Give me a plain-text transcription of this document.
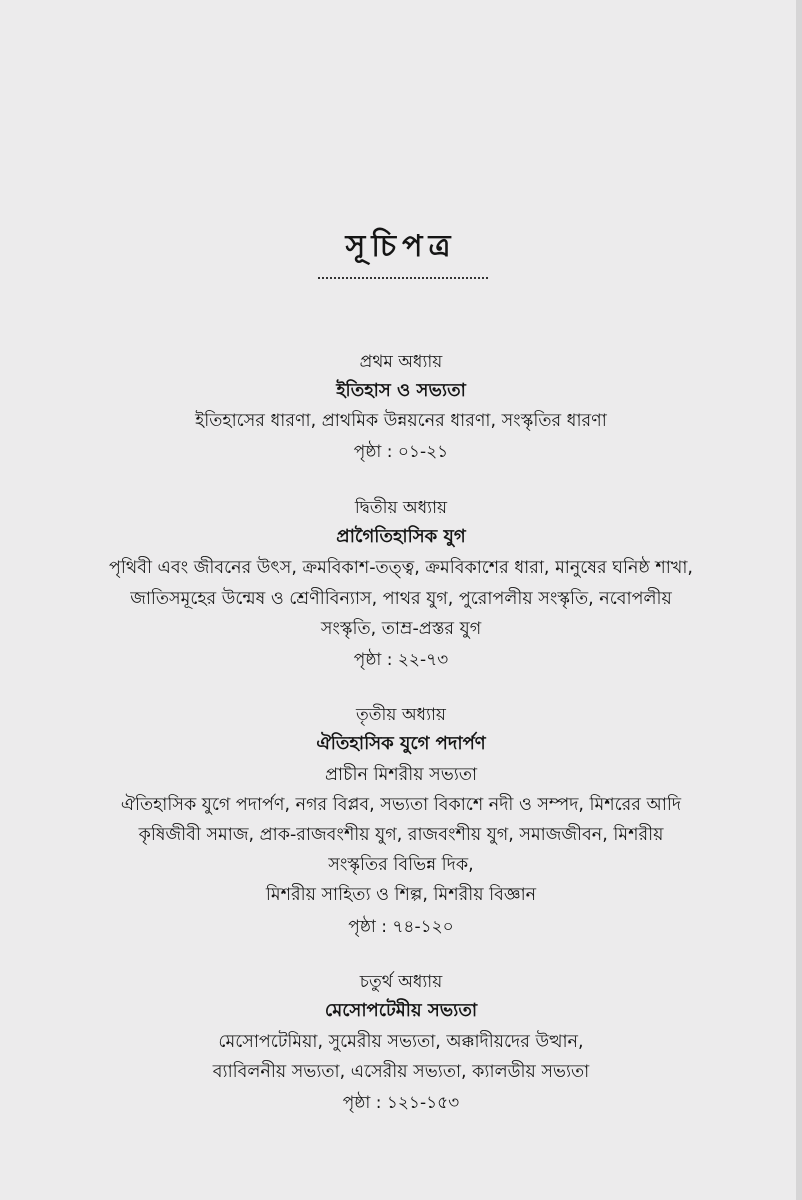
সূচিপত্র
প্রথম অধ্যায়
ইতিহাস ও সভ্যতা
ইতিহাসের ধারণা, প্রাথমিক উন্নয়নের ধারণা, সংস্কৃতির ধারণা
পৃষ্ঠা : ০১-২১
দ্বিতীয় অধ্যায়
প্রাগৈতিহাসিক যুগ
পৃথিবী এবং জীবনের উৎস, ক্রমবিকাশ-তত্ত্ব, ক্রমবিকাশের ধারা, মানুষের ঘনিষ্ঠ শাখা,
জাতিসমূহের উন্মেষ ও শ্রেণীবিন্যাস, পাথর যুগ, পুরোপলীয় সংস্কৃতি, নবোপলীয়
সংস্কৃতি, তাম্র-প্রস্তর যুগ
পৃষ্ঠা : ২২-৭৩
তৃতীয় অধ্যায়
ঐতিহাসিক যুগে পদার্পণ
প্রাচীন মিশরীয় সভ্যতা
ঐতিহাসিক যুগে পদার্পণ, নগর বিপ্লব, সভ্যতা বিকাশে নদী ও সম্পদ, মিশরের আদি
কৃষিজীবী সমাজ, প্রাক-রাজবংশীয় যুগ, রাজবংশীয় যুগ, সমাজজীবন, মিশরীয়
সংস্কৃতির বিভিন্ন দিক,
মিশরীয় সাহিত্য ও শিল্প, মিশরীয় বিজ্ঞান
পৃষ্ঠা : ৭৪-১২০
চতুর্থ অধ্যায়
মেসোপটেমীয় সভ্যতা
মেসোপটেমিয়া, সুমেরীয় সভ্যতা, অক্কাদীয়দের উত্থান,
ব্যাবিলনীয় সভ্যতা, এসেরীয় সভ্যতা, ক্যালডীয় সভ্যতা
পৃষ্ঠা : ১২১-১৫৩
